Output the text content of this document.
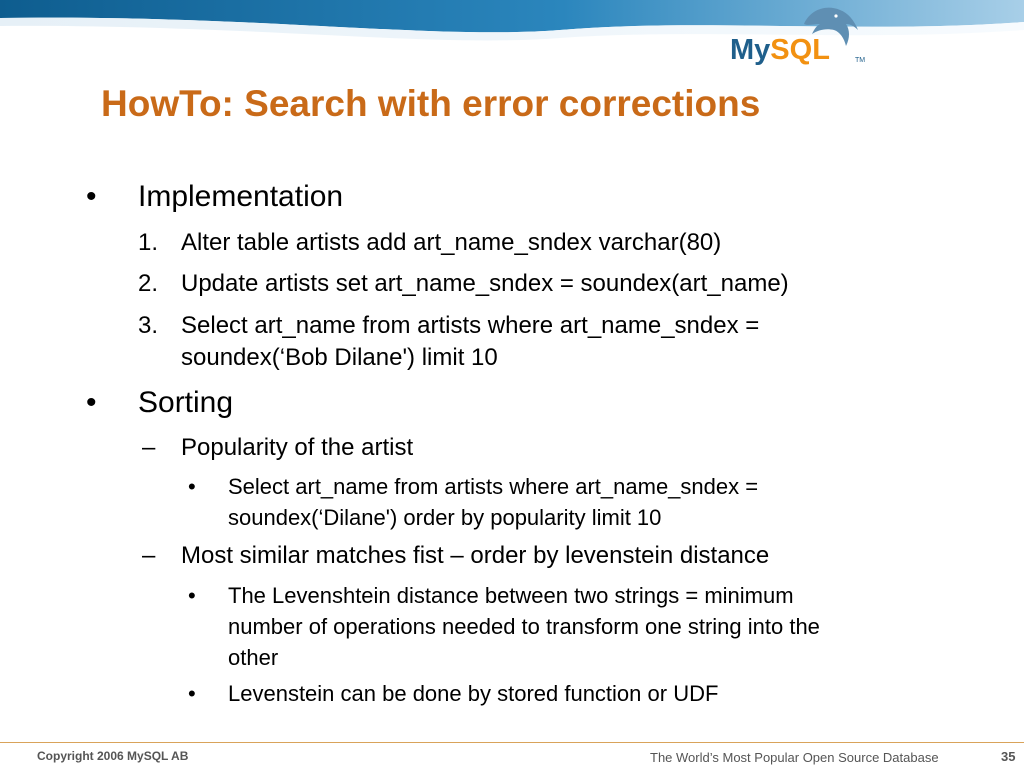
MySQL	TM
HowTo: Search with error corrections
• Implementation
1. Alter table artists add art_name_sndex varchar(80)
2. Update artists set art_name_sndex = soundex(art_name)
3. Select art_name from artists where art_name_sndex =
soundex(‘Bob Dilane') limit 10
• Sorting
– Popularity of the artist
• Select art_name from artists where art_name_sndex =
soundex(‘Dilane') order by popularity limit 10
– Most similar matches fist – order by levenstein distance
• The Levenshtein distance between two strings = minimum
number of operations needed to transform one string into the
other
• Levenstein can be done by stored function or UDF
Copyright 2006 MySQL AB	The World’s Most Popular Open Source Database	35
